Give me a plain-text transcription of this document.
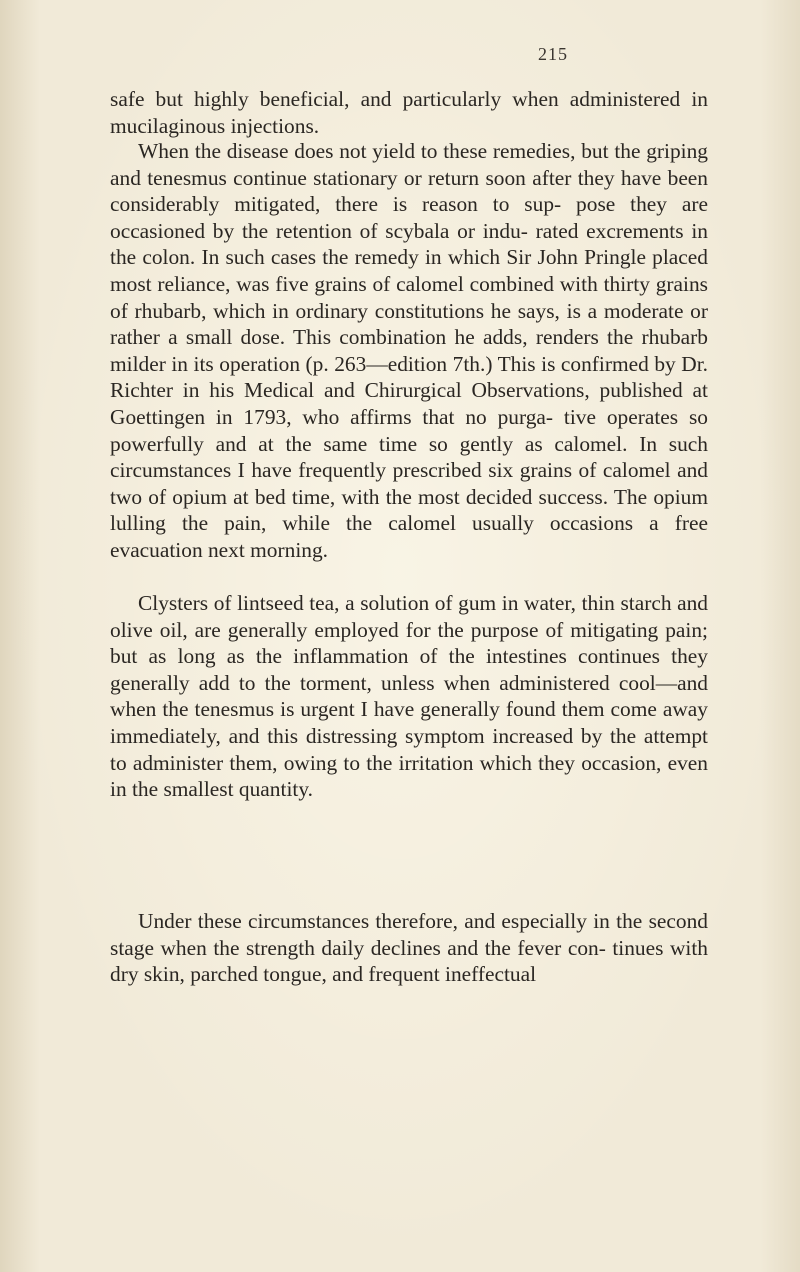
215

safe but highly beneficial, and particularly when administered in mucilaginous injections.

When the disease does not yield to these remedies, but the griping and tenesmus continue stationary or return soon after they have been considerably mitigated, there is reason to sup- pose they are occasioned by the retention of scybala or indu- rated excrements in the colon. In such cases the remedy in which Sir John Pringle placed most reliance, was five grains of calomel combined with thirty grains of rhubarb, which in ordinary constitutions he says, is a moderate or rather a small dose. This combination he adds, renders the rhubarb milder in its operation (p. 263—edition 7th.) This is confirmed by Dr. Richter in his Medical and Chirurgical Observations, published at Goettingen in 1793, who affirms that no purga- tive operates so powerfully and at the same time so gently as calomel. In such circumstances I have frequently prescribed six grains of calomel and two of opium at bed time, with the most decided success. The opium lulling the pain, while the calomel usually occasions a free evacuation next morning.

Clysters of lintseed tea, a solution of gum in water, thin starch and olive oil, are generally employed for the purpose of mitigating pain; but as long as the inflammation of the intestines continues they generally add to the torment, unless when administered cool—and when the tenesmus is urgent I have generally found them come away immediately, and this distressing symptom increased by the attempt to administer them, owing to the irritation which they occasion, even in the smallest quantity.

Under these circumstances therefore, and especially in the second stage when the strength daily declines and the fever con- tinues with dry skin, parched tongue, and frequent ineffectual
